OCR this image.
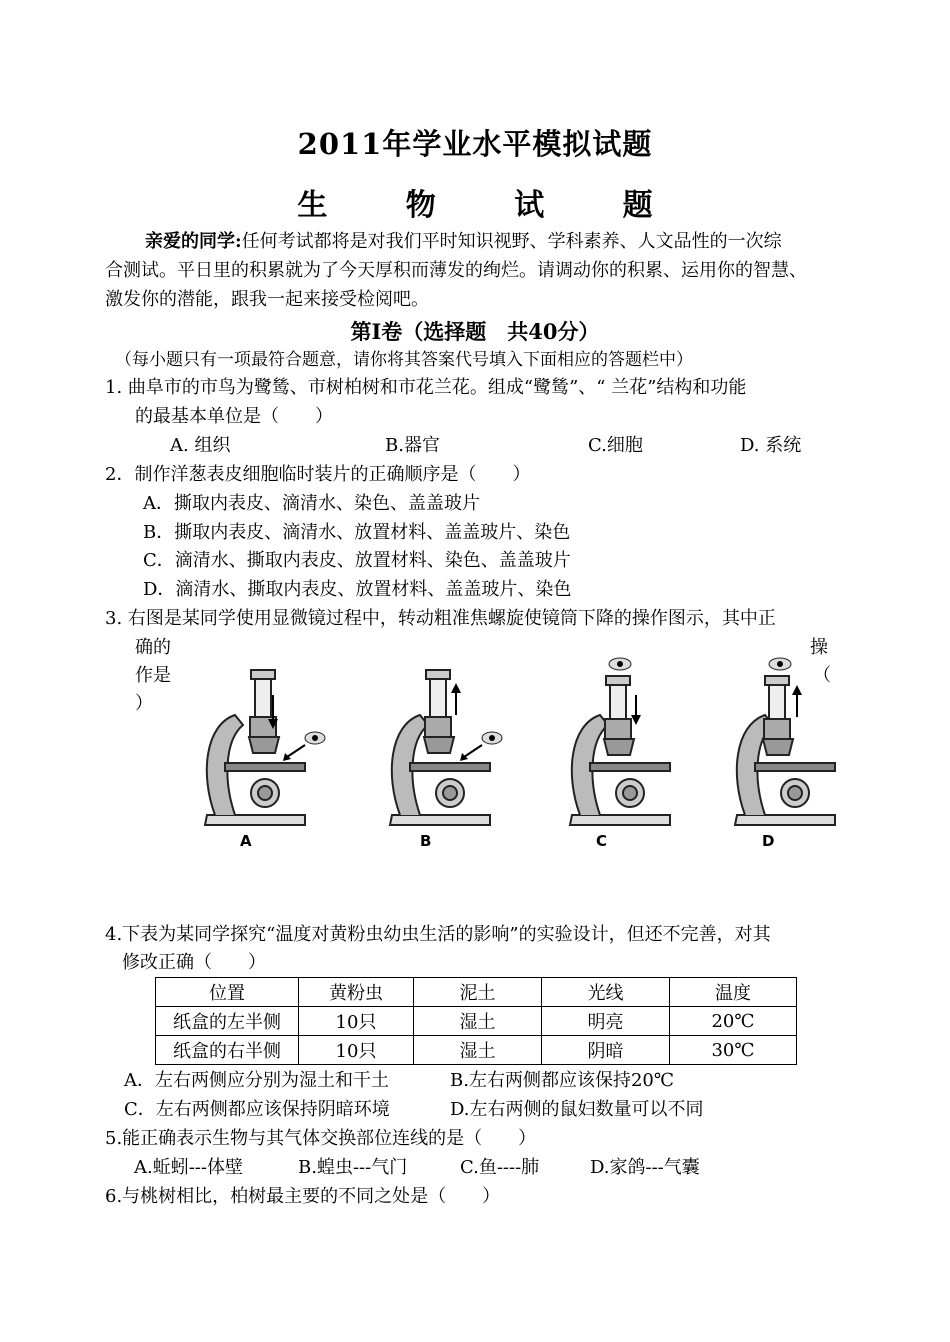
2011年学业水平模拟试题
生 物 试 题
亲爱的同学:任何考试都将是对我们平时知识视野、学科素养、人文品性的一次综
合测试。平日里的积累就为了今天厚积而薄发的绚烂。请调动你的积累、运用你的智慧、
激发你的潜能，跟我一起来接受检阅吧。
第Ⅰ卷（选择题　共40分）
（每小题只有一项最符合题意，请你将其答案代号填入下面相应的答题栏中）
1. 曲阜市的市鸟为鹭鸶、市树柏树和市花兰花。组成“鹭鸶”、“ 兰花”结构和功能
的最基本单位是（　　）
A. 组织	B.器官	C.细胞	D. 系统
2．制作洋葱表皮细胞临时装片的正确顺序是（　　）
A．撕取内表皮、滴清水、染色、盖盖玻片
B．撕取内表皮、滴清水、放置材料、盖盖玻片、染色
C．滴清水、撕取内表皮、放置材料、染色、盖盖玻片
D．滴清水、撕取内表皮、放置材料、盖盖玻片、染色
3. 右图是某同学使用显微镜过程中，转动粗准焦螺旋使镜筒下降的操作图示，其中正
确的	操
作是	（
）
A	B	C	D
4.下表为某同学探究“温度对黄粉虫幼虫生活的影响”的实验设计，但还不完善，对其
修改正确（　　）
位置	黄粉虫	泥土	光线	温度
纸盒的左半侧	10只	湿土	明亮	20℃
纸盒的右半侧	10只	湿土	阴暗	30℃
A．左右两侧应分别为湿土和干土	B.左右两侧都应该保持20℃
C．左右两侧都应该保持阴暗环境	D.左右两侧的鼠妇数量可以不同
5.能正确表示生物与其气体交换部位连线的是（　　）
A.蚯蚓---体壁	B.蝗虫---气门	C.鱼----肺	D.家鸽---气囊
6.与桃树相比，柏树最主要的不同之处是（　　）
